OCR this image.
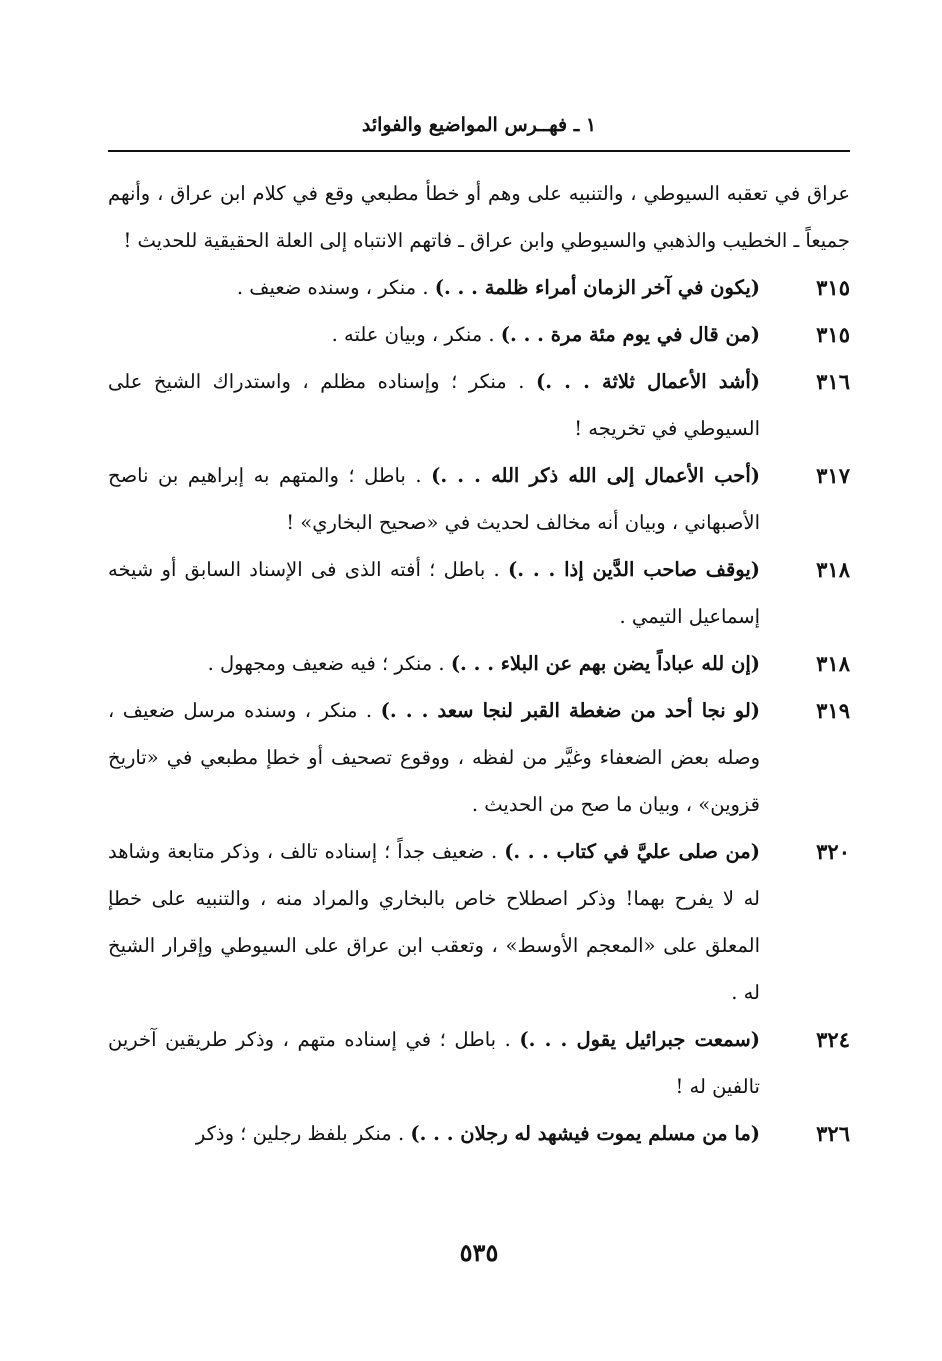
١ ـ فهــرس المواضيع والفوائد

عراق في تعقبه السيوطي ، والتنبيه على وهم أو خطأ مطبعي وقع في كلام ابن عراق ، وأنهم جميعاً ـ الخطيب والذهبي والسيوطي وابن عراق ـ فاتهم الانتباه إلى العلة الحقيقية للحديث !

٣١٥
(يكون في آخر الزمان أمراء ظلمة . . .) . منكر ، وسنده ضعيف .
٣١٥
(من قال في يوم مئة مرة . . .) . منكر ، وبيان علته .
٣١٦
(أشد الأعمال ثلاثة . . .) . منكر ؛ وإسناده مظلم ، واستدراك الشيخ على السيوطي في تخريجه !
٣١٧
(أحب الأعمال إلى الله ذكر الله . . .) . باطل ؛ والمتهم به إبراهيم بن ناصح الأصبهاني ، وبيان أنه مخالف لحديث في «صحيح البخاري» !
٣١٨
(يوقف صاحب الدَّين إذا . . .) . باطل ؛ أفته الذى فى الإسناد السابق أو شيخه إسماعيل التيمي .
٣١٨
(إن لله عباداً يضن بهم عن البلاء . . .) . منكر ؛ فيه ضعيف ومجهول .
٣١٩
(لو نجا أحد من ضغطة القبر لنجا سعد . . .) . منكر ، وسنده مرسل ضعيف ، وصله بعض الضعفاء وغيَّر من لفظه ، ووقوع تصحيف أو خطإ مطبعي في «تاريخ قزوين» ، وبيان ما صح من الحديث .
٣٢٠
(من صلى عليَّ في كتاب . . .) . ضعيف جداً ؛ إسناده تالف ، وذكر متابعة وشاهد له لا يفرح بهما! وذكر اصطلاح خاص بالبخاري والمراد منه ، والتنبيه على خطإ المعلق على «المعجم الأوسط» ، وتعقب ابن عراق على السيوطي وإقرار الشيخ له .
٣٢٤
(سمعت جبرائيل يقول . . .) . باطل ؛ في إسناده متهم ، وذكر طريقين آخرين تالفين له !
٣٢٦
(ما من مسلم يموت فيشهد له رجلان . . .) . منكر بلفظ رجلين ؛ وذكر
٥٣٥
